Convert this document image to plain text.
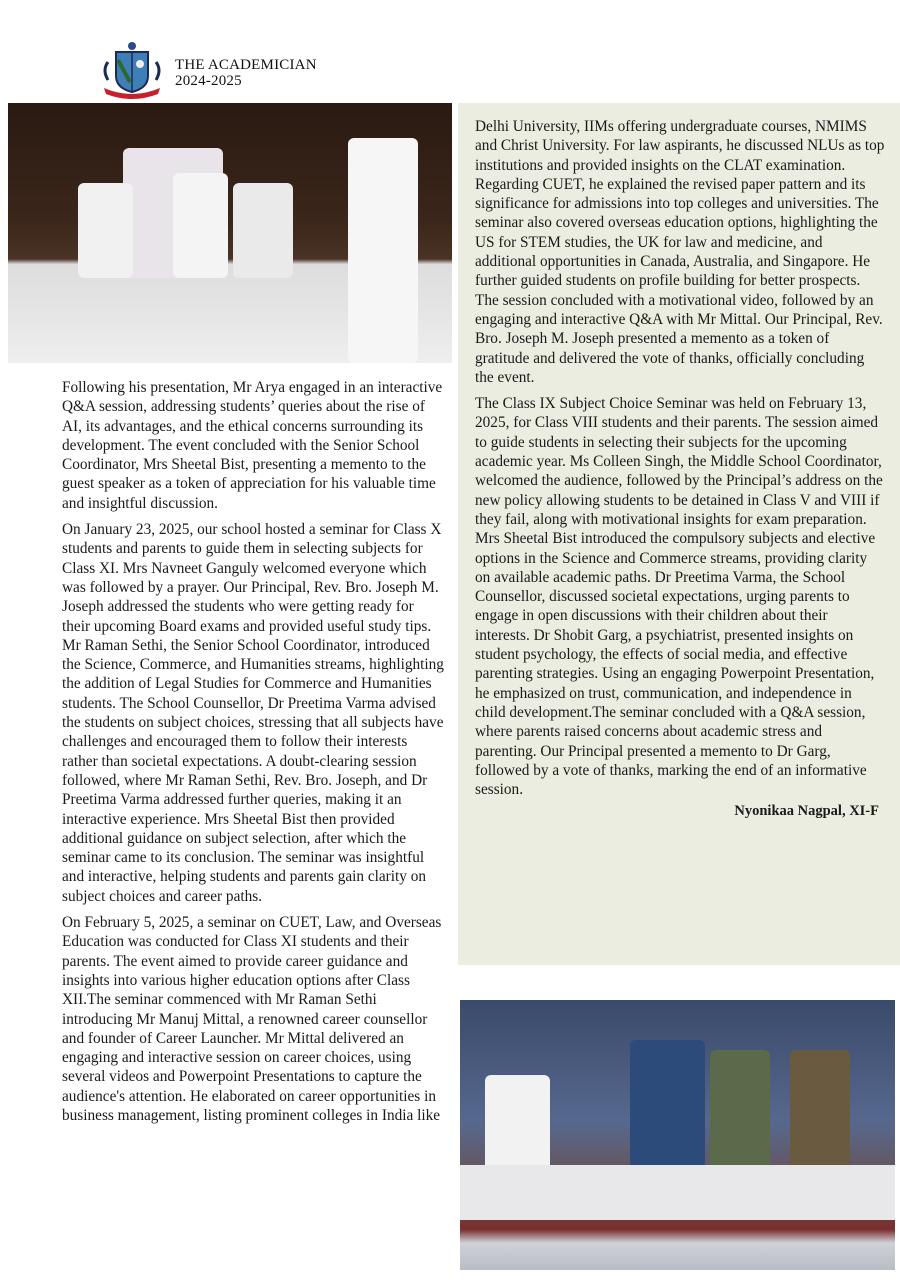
THE ACADEMICIAN
2024-2025

Following his presentation, Mr Arya engaged in an interactive Q&A session, addressing students’ queries about the rise of AI, its advantages, and the ethical concerns surrounding its development. The event concluded with the Senior School Coordinator, Mrs Sheetal Bist, presenting a memento to the guest speaker as a token of appreciation for his valuable time and insightful discussion.

On January 23, 2025, our school hosted a seminar for Class X students and parents to guide them in selecting subjects for Class XI. Mrs Navneet Ganguly welcomed everyone which was followed by a prayer. Our Principal, Rev. Bro. Joseph M. Joseph addressed the students who were getting ready for their upcoming Board exams and provided useful study tips. Mr Raman Sethi, the Senior School Coordinator, introduced the Science, Commerce, and Humanities streams, highlighting the addition of Legal Studies for Commerce and Humanities students. The School Counsellor, Dr Preetima Varma advised the students on subject choices, stressing that all subjects have challenges and encouraged them to follow their interests rather than societal expectations. A doubt-clearing session followed, where Mr Raman Sethi, Rev. Bro. Joseph, and Dr Preetima Varma addressed further queries, making it an interactive experience. Mrs Sheetal Bist then provided additional guidance on subject selection, after which the seminar came to its conclusion. The seminar was insightful and interactive, helping students and parents gain clarity on subject choices and career paths.

On February 5, 2025, a seminar on CUET, Law, and Overseas Education was conducted for Class XI students and their parents. The event aimed to provide career guidance and insights into various higher education options after Class XII.The seminar commenced with Mr Raman Sethi introducing Mr Manuj Mittal, a renowned career counsellor and founder of Career Launcher. Mr Mittal delivered an engaging and interactive session on career choices, using several videos and Powerpoint Presentations to capture the audience's attention. He elaborated on career opportunities in business management, listing prominent colleges in India like

Delhi University, IIMs offering undergraduate courses, NMIMS and Christ University. For law aspirants, he discussed NLUs as top institutions and provided insights on the CLAT examination. Regarding CUET, he explained the revised paper pattern and its significance for admissions into top colleges and universities. The seminar also covered overseas education options, highlighting the US for STEM studies, the UK for law and medicine, and additional opportunities in Canada, Australia, and Singapore. He further guided students on profile building for better prospects. The session concluded with a motivational video, followed by an engaging and interactive Q&A with Mr Mittal. Our Principal, Rev. Bro. Joseph M. Joseph presented a memento as a token of gratitude and delivered the vote of thanks, officially concluding the event.

The Class IX Subject Choice Seminar was held on February 13, 2025, for Class VIII students and their parents. The session aimed to guide students in selecting their subjects for the upcoming academic year. Ms Colleen Singh, the Middle School Coordinator, welcomed the audience, followed by the Principal’s address on the new policy allowing students to be detained in Class V and VIII if they fail, along with motivational insights for exam preparation. Mrs Sheetal Bist introduced the compulsory subjects and elective options in the Science and Commerce streams, providing clarity on available academic paths. Dr Preetima Varma, the School Counsellor, discussed societal expectations, urging parents to engage in open discussions with their children about their interests. Dr Shobit Garg, a psychiatrist, presented insights on student psychology, the effects of social media, and effective parenting strategies. Using an engaging Powerpoint Presentation, he emphasized on trust, communication, and independence in child development.The seminar concluded with a Q&A session, where parents raised concerns about academic stress and parenting. Our Principal presented a memento to Dr Garg, followed by a vote of thanks, marking the end of an informative session.

Nyonikaa Nagpal, XI-F
